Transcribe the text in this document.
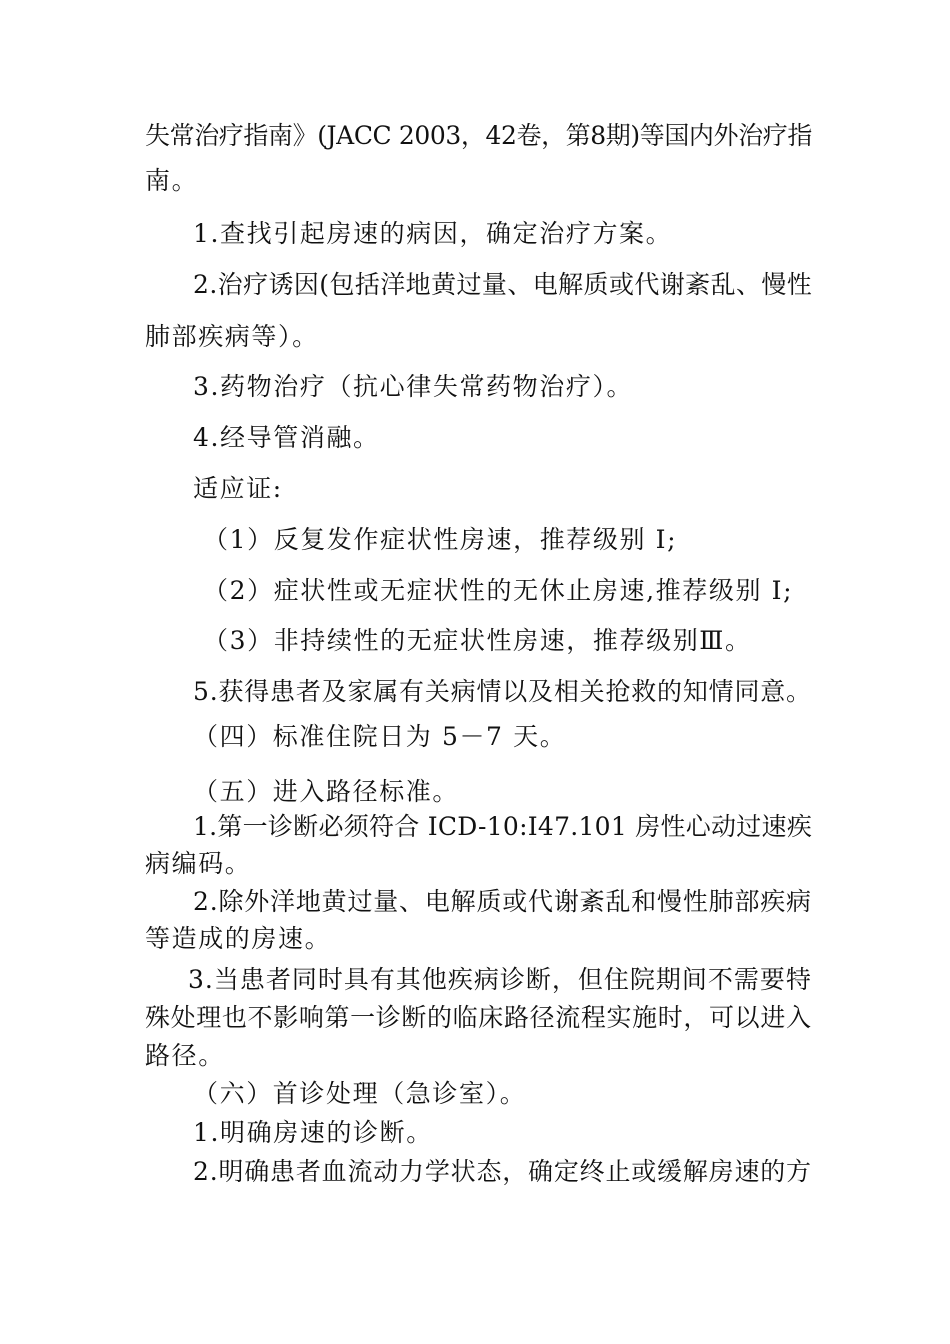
失常治疗指南》(JACC 2003，42卷，第8期)等国内外治疗指
南。
1.查找引起房速的病因，确定治疗方案。
2.治疗诱因(包括洋地黄过量、电解质或代谢紊乱、慢性
肺部疾病等）。
3.药物治疗（抗心律失常药物治疗）。
4.经导管消融。
适应证:
（1）反复发作症状性房速，推荐级别 I;
（2）症状性或无症状性的无休止房速,推荐级别 I;
（3）非持续性的无症状性房速，推荐级别Ⅲ。
5.获得患者及家属有关病情以及相关抢救的知情同意。
（四）标准住院日为 5－7 天。
（五）进入路径标准。
1.第一诊断必须符合 ICD-10:I47.101 房性心动过速疾
病编码。
2.除外洋地黄过量、电解质或代谢紊乱和慢性肺部疾病
等造成的房速。
3.当患者同时具有其他疾病诊断，但住院期间不需要特
殊处理也不影响第一诊断的临床路径流程实施时，可以进入
路径。
（六）首诊处理（急诊室）。
1.明确房速的诊断。
2.明确患者血流动力学状态，确定终止或缓解房速的方
